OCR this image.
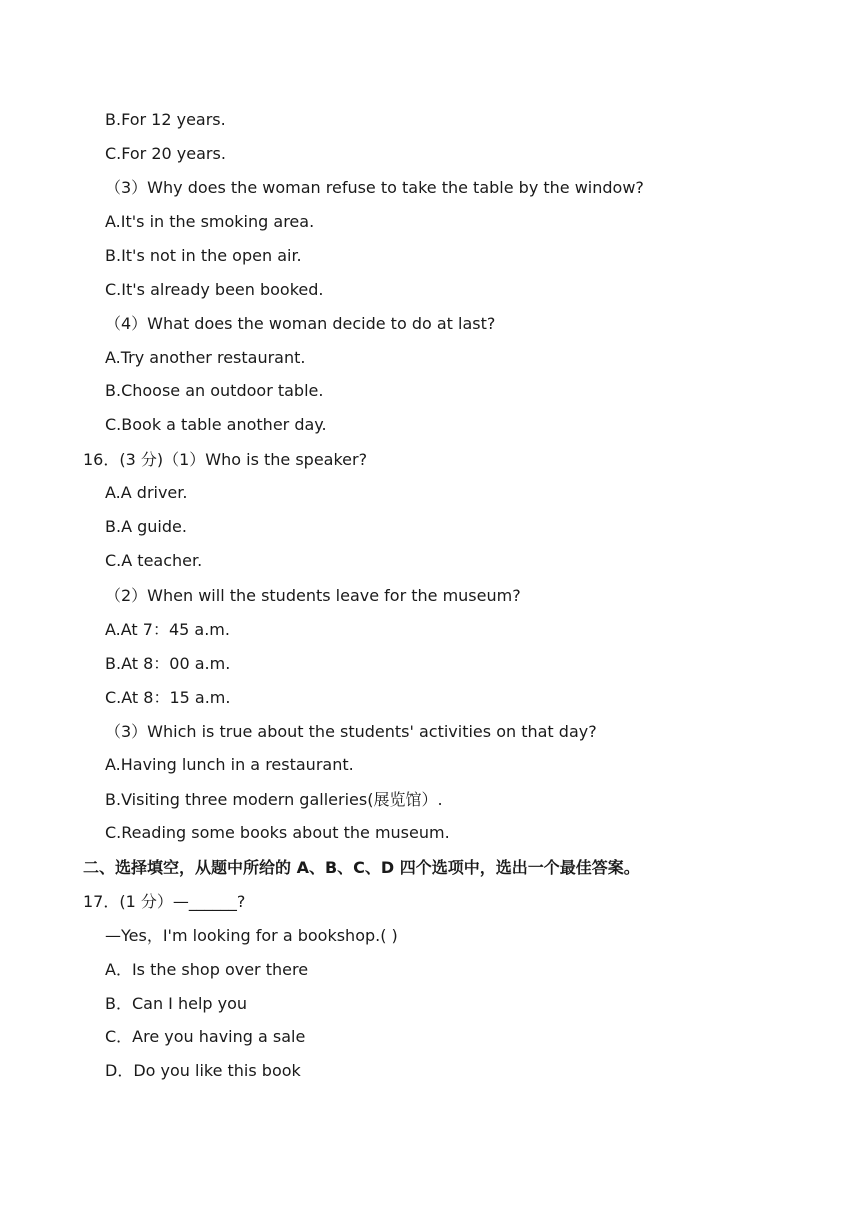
B.For 12 years.
C.For 20 years.
（3）Why does the woman refuse to take the table by the window?
A.It's in the smoking area.
B.It's not in the open air.
C.It's already been booked.
（4）What does the woman decide to do at last?
A.Try another restaurant.
B.Choose an outdoor table.
C.Book a table another day.
16．(3 分)（1）Who is the speaker?
A.A driver.
B.A guide.
C.A teacher.
（2）When will the students leave for the museum?
A.At 7：45 a.m.
B.At 8：00 a.m.
C.At 8：15 a.m.
（3）Which is true about the students' activities on that day?
A.Having lunch in a restaurant.
B.Visiting three modern galleries(展览馆）.
C.Reading some books about the museum.
二、选择填空，从题中所给的 A、B、C、D 四个选项中，选出一个最佳答案。
17．(1 分）—______?
—Yes，I'm looking for a bookshop.( )
A．Is the shop over there
B．Can I help you
C．Are you having a sale
D．Do you like this book
